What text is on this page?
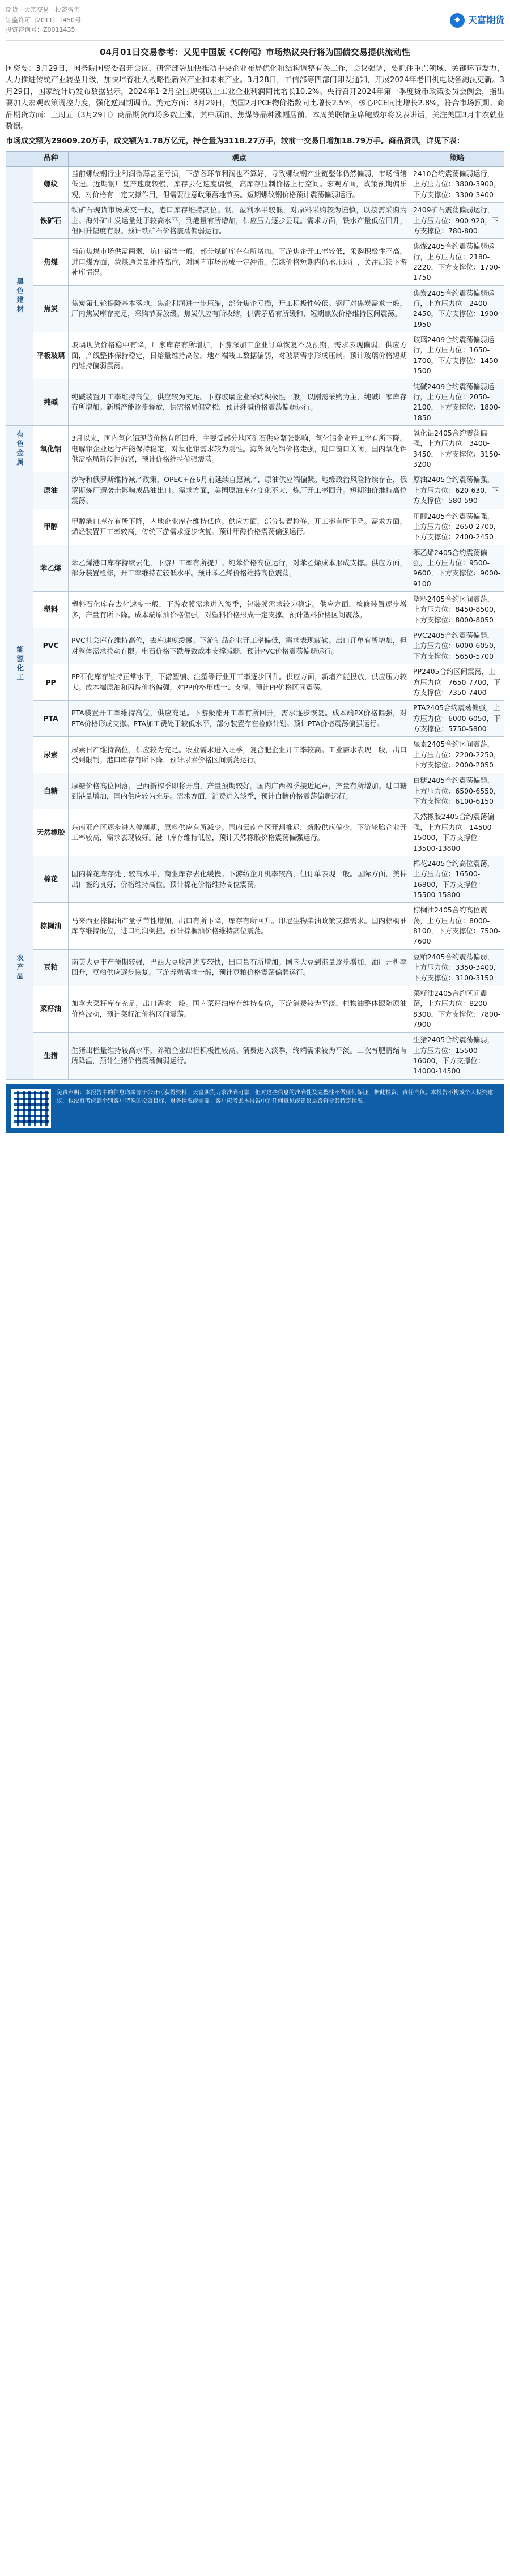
期货 · 大宗交易 · 投资咨询
证监许可〔2011〕1450号
投资咨询号：Z0011435
◆ 天富期货
04月01日交易参考：又见中国版《C传闻》市场热议央行将为国债交易提供流动性
国资要：3月29日，国务院国资委召开会议，研究部署加快推动中央企业布局优化和结构调整有关工作，会议强调，要抓住重点领域、关键环节发力，大力推进传统产业转型升级，加快培育壮大战略性新兴产业和未来产业。3月28日，工信部等四部门印发通知，开展2024年老旧机电设备淘汰更新。3月29日，国家统计局发布数据显示，2024年1-2月全国规模以上工业企业利润同比增长10.2%。央行召开2024年第一季度货币政策委员会例会，指出要加大宏观政策调控力度，强化逆周期调节。美元方面：3月29日，美国2月PCE物价指数同比增长2.5%，核心PCE同比增长2.8%，符合市场预期。商品期货方面：上周五（3月29日）商品期货市场多数上涨，其中原油、焦煤等品种涨幅居前。本周美联储主席鲍威尔将发表讲话，关注美国3月非农就业数据。
市场成交额为29609.20万手，成交额为1.78万亿元，持仓量为3118.27万手，较前一交易日增加18.79万手。商品资讯，详见下表：
	品种	观点	策略
黑色建材	螺纹	当前螺纹钢行业利润微薄甚至亏损，下游各环节利润也不算好，导致螺纹钢产业链整体仍然偏弱，市场情绪低迷。近期钢厂复产速度较慢，库存去化速度偏慢，高库存压制价格上行空间。宏观方面，政策预期偏乐观，对价格有一定支撑作用，但需要注意政策落地节奏。短期螺纹钢价格预计震荡偏弱运行。	2410合约震荡偏弱运行，上方压力位：3800-3900，下方支撑位：3300-3400
	铁矿石	铁矿石现货市场成交一般，港口库存维持高位。钢厂盈利水平较低，对原料采购较为谨慎，以按需采购为主。海外矿山发运量处于较高水平，到港量有所增加，供应压力逐步显现。需求方面，铁水产量低位回升，但回升幅度有限。预计铁矿石价格震荡偏弱运行。	2409矿石震荡偏弱运行，上方压力位：900-920，下方支撑位：780-800
	焦煤	当前焦煤市场供需两弱，坑口销售一般，部分煤矿库存有所增加。下游焦企开工率较低，采购积极性不高。进口煤方面，蒙煤通关量维持高位，对国内市场形成一定冲击。焦煤价格短期内仍承压运行，关注后续下游补库情况。	焦煤2405合约震荡偏弱运行，上方压力位：2180-2220，下方支撑位：1700-1750
	焦炭	焦炭第七轮提降基本落地，焦企利润进一步压缩，部分焦企亏损，开工积极性较低。钢厂对焦炭需求一般，厂内焦炭库存充足，采购节奏放缓。焦炭供应有所收缩，供需矛盾有所缓和，短期焦炭价格维持区间震荡。	焦炭2405合约震荡偏弱运行，上方压力位：2400-2450，下方支撑位：1900-1950
	平板玻璃	玻璃现货价格稳中有降，厂家库存有所增加，下游深加工企业订单恢复不及预期，需求表现偏弱。供应方面，产线整体保持稳定，日熔量维持高位。地产端竣工数据偏弱，对玻璃需求形成压制。预计玻璃价格短期内维持偏弱震荡。	玻璃2409合约震荡偏弱运行，上方压力位：1650-1700，下方支撑位：1450-1500
	纯碱	纯碱装置开工率维持高位，供应较为充足。下游玻璃企业采购积极性一般，以刚需采购为主，纯碱厂家库存有所增加。新增产能逐步释放，供需格局偏宽松，预计纯碱价格震荡偏弱运行。	纯碱2409合约震荡偏弱运行，上方压力位：2050-2100，下方支撑位：1800-1850
有色金属	氧化铝	3月以来，国内氧化铝现货价格有所回升，主要受部分地区矿石供应紧张影响，氧化铝企业开工率有所下降。电解铝企业运行产能保持稳定，对氧化铝需求较为刚性。海外氧化铝价格走强，进口窗口关闭，国内氧化铝供需格局阶段性偏紧，预计价格维持偏强震荡。	氧化铝2405合约震荡偏强，上方压力位：3400-3450，下方支撑位：3150-3200
能源化工	原油	沙特和俄罗斯维持减产政策，OPEC+在6月前延续自愿减产，原油供应端偏紧。地缘政治风险持续存在，俄罗斯炼厂遭袭击影响成品油出口。需求方面，美国原油库存变化不大，炼厂开工率回升。短期油价维持高位震荡。	原油2405合约震荡偏强，上方压力位：620-630，下方支撑位：580-590
	甲醇	甲醇港口库存有所下降，内地企业库存维持低位。供应方面，部分装置检修，开工率有所下降。需求方面，烯烃装置开工率较高，传统下游需求逐步恢复。预计甲醇价格震荡偏强运行。	甲醇2405合约震荡偏强，上方压力位：2650-2700，下方支撑位：2400-2450
	苯乙烯	苯乙烯港口库存持续去化，下游开工率有所提升。纯苯价格高位运行，对苯乙烯成本形成支撑。供应方面，部分装置检修，开工率维持在较低水平。预计苯乙烯价格维持高位震荡。	苯乙烯2405合约震荡偏强，上方压力位：9500-9600，下方支撑位：9000-9100
	塑料	塑料石化库存去化速度一般，下游农膜需求进入淡季，包装膜需求较为稳定。供应方面，检修装置逐步增多，产量有所下降。成本端原油价格偏强，对塑料价格形成一定支撑。预计塑料价格区间震荡。	塑料2405合约区间震荡，上方压力位：8450-8500，下方支撑位：8000-8050
	PVC	PVC社会库存维持高位，去库速度缓慢。下游制品企业开工率偏低，需求表现疲软。出口订单有所增加，但对整体需求拉动有限。电石价格下跌导致成本支撑减弱，预计PVC价格震荡偏弱运行。	PVC2405合约震荡偏弱，上方压力位：6000-6050，下方支撑位：5650-5700
	PP	PP石化库存维持正常水平，下游塑编、注塑等行业开工率逐步回升。供应方面，新增产能投放，供应压力较大。成本端原油和丙烷价格偏强，对PP价格形成一定支撑。预计PP价格区间震荡。	PP2405合约区间震荡，上方压力位：7650-7700，下方支撑位：7350-7400
	PTA	PTA装置开工率维持高位，供应充足。下游聚酯开工率有所回升，需求逐步恢复。成本端PX价格偏强，对PTA价格形成支撑。PTA加工费处于较低水平，部分装置存在检修计划。预计PTA价格震荡偏强运行。	PTA2405合约震荡偏强，上方压力位：6000-6050，下方支撑位：5750-5800
	尿素	尿素日产维持高位，供应较为充足。农业需求进入旺季，复合肥企业开工率较高。工业需求表现一般，出口受到限制。港口库存有所下降，预计尿素价格区间震荡运行。	尿素2405合约区间震荡，上方压力位：2200-2250，下方支撑位：2000-2050
	白糖	原糖价格高位回落，巴西新榨季即将开启，产量预期较好。国内广西榨季接近尾声，产量有所增加。进口糖到港量增加，国内供应较为充足。需求方面，消费进入淡季，预计白糖价格震荡偏弱运行。	白糖2405合约震荡偏弱，上方压力位：6500-6550，下方支撑位：6100-6150
	天然橡胶	东南亚产区逐步进入停割期，原料供应有所减少。国内云南产区开割推迟，新胶供应偏少。下游轮胎企业开工率较高，需求表现较好。港口库存维持低位，预计天然橡胶价格震荡偏强运行。	天然橡胶2405合约震荡偏强，上方压力位：14500-15000，下方支撑位：13500-13800
农产品	棉花	国内棉花库存处于较高水平，商业库存去化缓慢。下游纺企开机率较高，但订单表现一般。国际方面，美棉出口签约良好，价格维持高位。预计棉花价格维持高位震荡。	棉花2405合约高位震荡，上方压力位：16500-16800，下方支撑位：15500-15800
	棕榈油	马来西亚棕榈油产量季节性增加，出口有所下降，库存有所回升。印尼生物柴油政策支撑需求。国内棕榈油库存维持低位，进口利润倒挂。预计棕榈油价格维持高位震荡。	棕榈油2405合约高位震荡，上方压力位：8000-8100，下方支撑位：7500-7600
	豆粕	南美大豆丰产预期较强，巴西大豆收割进度较快，出口量有所增加。国内大豆到港量逐步增加，油厂开机率回升，豆粕供应逐步恢复。下游养殖需求一般，预计豆粕价格震荡偏弱运行。	豆粕2405合约震荡偏弱，上方压力位：3350-3400，下方支撑位：3100-3150
	菜籽油	加拿大菜籽库存充足，出口需求一般。国内菜籽油库存维持高位，下游消费较为平淡。植物油整体跟随原油价格波动，预计菜籽油价格区间震荡。	菜籽油2405合约区间震荡，上方压力位：8200-8300，下方支撑位：7800-7900
	生猪	生猪出栏量维持较高水平，养殖企业出栏积极性较高。消费进入淡季，终端需求较为平淡。二次育肥情绪有所降温，预计生猪价格震荡偏弱运行。	生猪2405合约震荡偏弱，上方压力位：15500-16000，下方支撑位：14000-14500
免责声明：本报告中的信息均来源于公开可获得资料，天富期货力求准确可靠，但对这些信息的准确性及完整性不做任何保证，据此投资，责任自负。本报告不构成个人投资建议，也没有考虑到个别客户特殊的投资目标、财务状况或需要。客户应考虑本报告中的任何意见或建议是否符合其特定状况。
